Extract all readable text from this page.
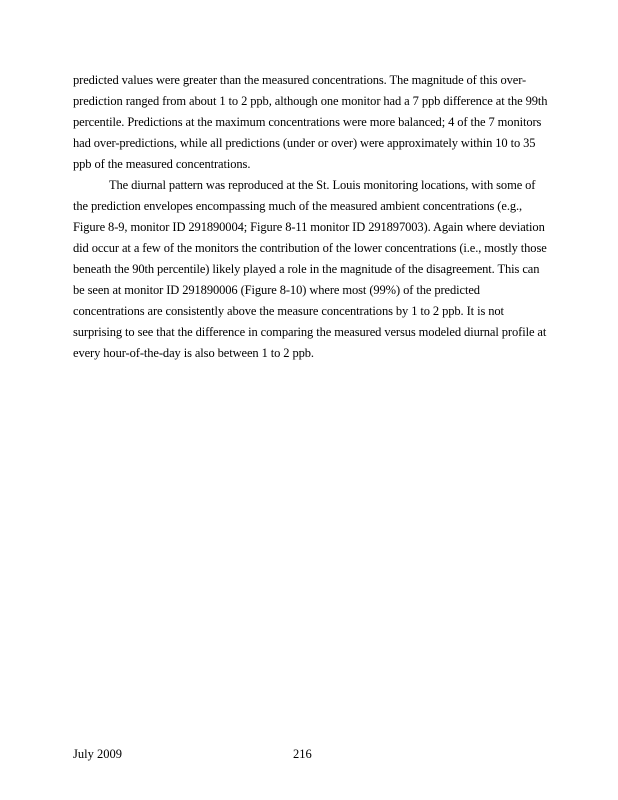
predicted values were greater than the measured concentrations. The magnitude of this over-
prediction ranged from about 1 to 2 ppb, although one monitor had a 7 ppb difference at the 99th
percentile. Predictions at the maximum concentrations were more balanced; 4 of the 7 monitors
had over-predictions, while all predictions (under or over) were approximately within 10 to 35
ppb of the measured concentrations.
The diurnal pattern was reproduced at the St. Louis monitoring locations, with some of
the prediction envelopes encompassing much of the measured ambient concentrations (e.g.,
Figure 8-9, monitor ID 291890004; Figure 8-11 monitor ID 291897003). Again where deviation
did occur at a few of the monitors the contribution of the lower concentrations (i.e., mostly those
beneath the 90th percentile) likely played a role in the magnitude of the disagreement. This can
be seen at monitor ID 291890006 (Figure 8-10) where most (99%) of the predicted
concentrations are consistently above the measure concentrations by 1 to 2 ppb. It is not
surprising to see that the difference in comparing the measured versus modeled diurnal profile at
every hour-of-the-day is also between 1 to 2 ppb.
July 2009	216
